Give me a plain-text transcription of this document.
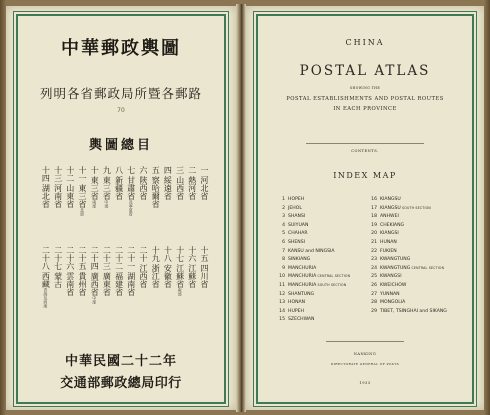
中華郵政輿圖
列明各省郵政局所暨各郵路
輿圖總目
70
一河北省
二熱河省
三山西省
四綏遠省
五察哈爾省
六陝西省
七甘肅省及寧夏省
八新疆省
九東三省中部
十東三省南部
十一東三省北部
十二山東省
十三河南省
十四湖北省
十五四川省
十六江蘇省
十七江蘇省南部
十八安徽省
十九浙江省
二十江西省
二十一湖南省
二十二福建省
二十三廣東省
二十四廣西省中部
二十五貴州省
二十六雲南省
二十七蒙古
二十八西藏青海及西康
中華民國二十二年
交通部郵政總局印行
CHINA
POSTAL ATLAS
SHOWING THE
POSTAL ESTABLISHMENTS AND POSTAL ROUTES
IN EACH PROVINCE
CONTENTS.
INDEX MAP
1 HOPEH
2 JEHOL
3 SHANSI
4 SUIYUAN
5 CHAHAR
6 SHENSI
7 KANSU and NINGSIA
8 SINKIANG
9 MANCHURIA
10 MANCHURIA CENTRAL SECTION
11 MANCHURIA SOUTH SECTION
12 SHANTUNG
13 HONAN
14 HUPEH
15 SZECHWAN
16 KIANGSU
17 KIANGSU SOUTH SECTION
18 ANHWEI
19 CHEKIANG
20 KIANGSI
21 HUNAN
22 FUKIEN
23 KWANGTUNG
24 KWANGTUNG CENTRAL SECTION
25 KWANGSI
26 KWEICHOW
27 YUNNAN
28 MONGOLIA
29 TIBET, TSINGHAI and SIKANG
NANKING
DIRECTORATE GENERAL OF POSTS
1933
